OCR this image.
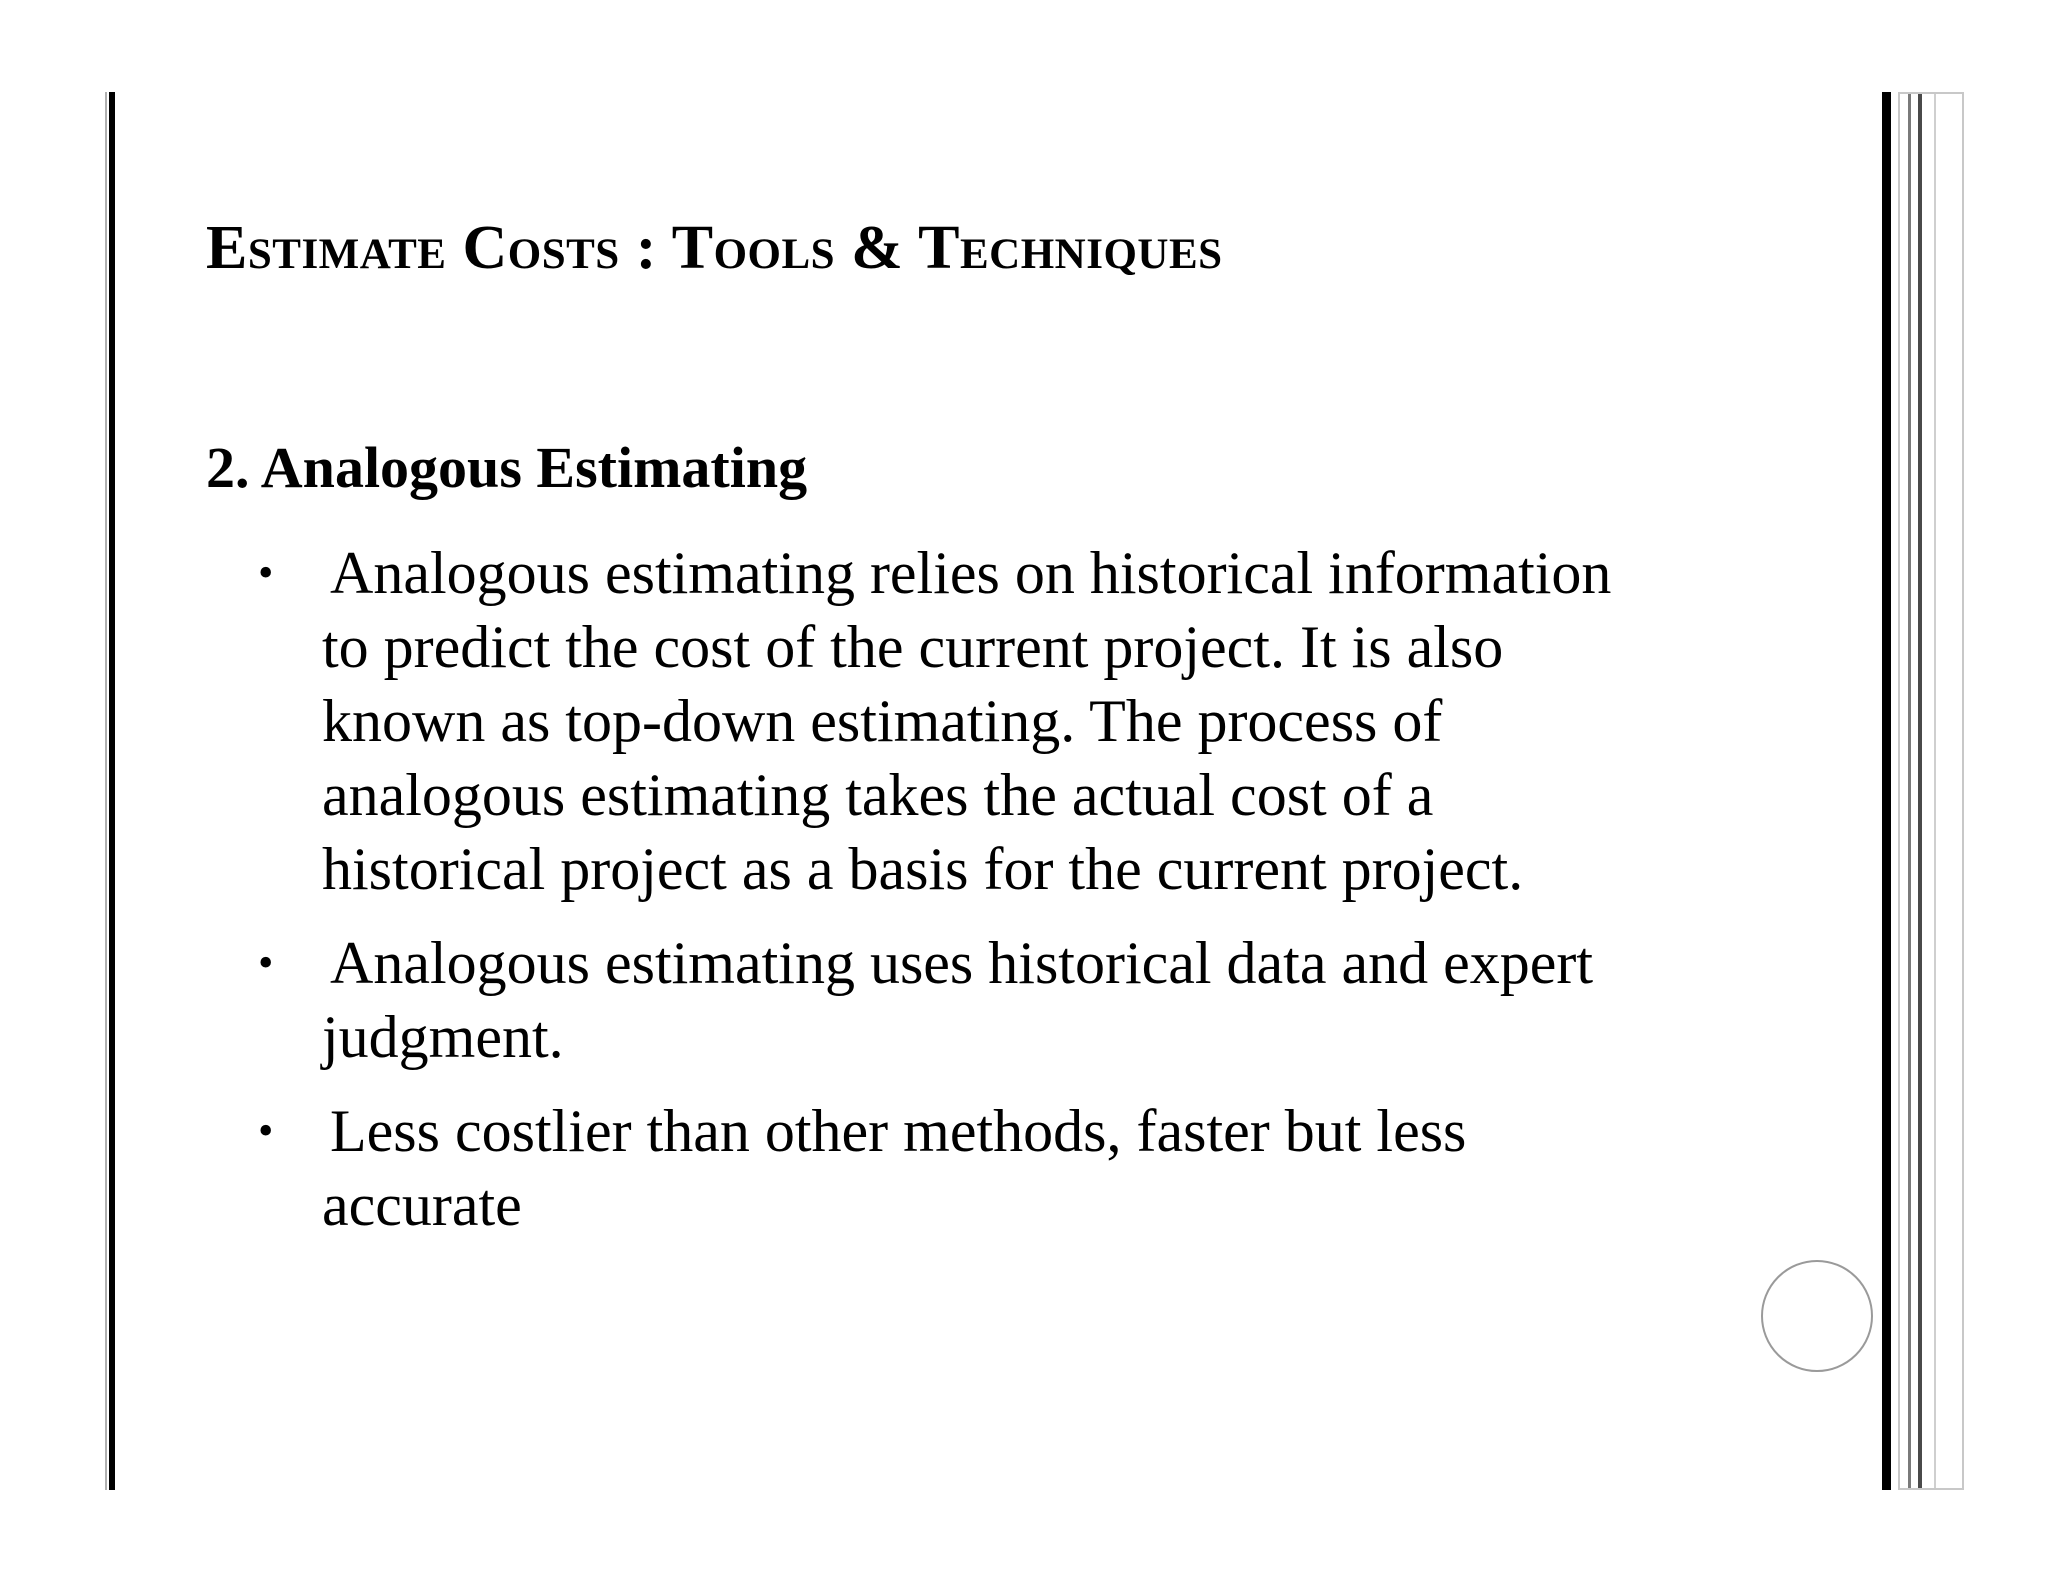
Estimate Costs : Tools & Techniques
2. Analogous Estimating
• Analogous estimating relies on historical information to predict the cost of the current project. It is also known as top-down estimating. The process of analogous estimating takes the actual cost of a historical project as a basis for the current project.
• Analogous estimating uses historical data and expert judgment.
• Less costlier than other methods, faster but less accurate
